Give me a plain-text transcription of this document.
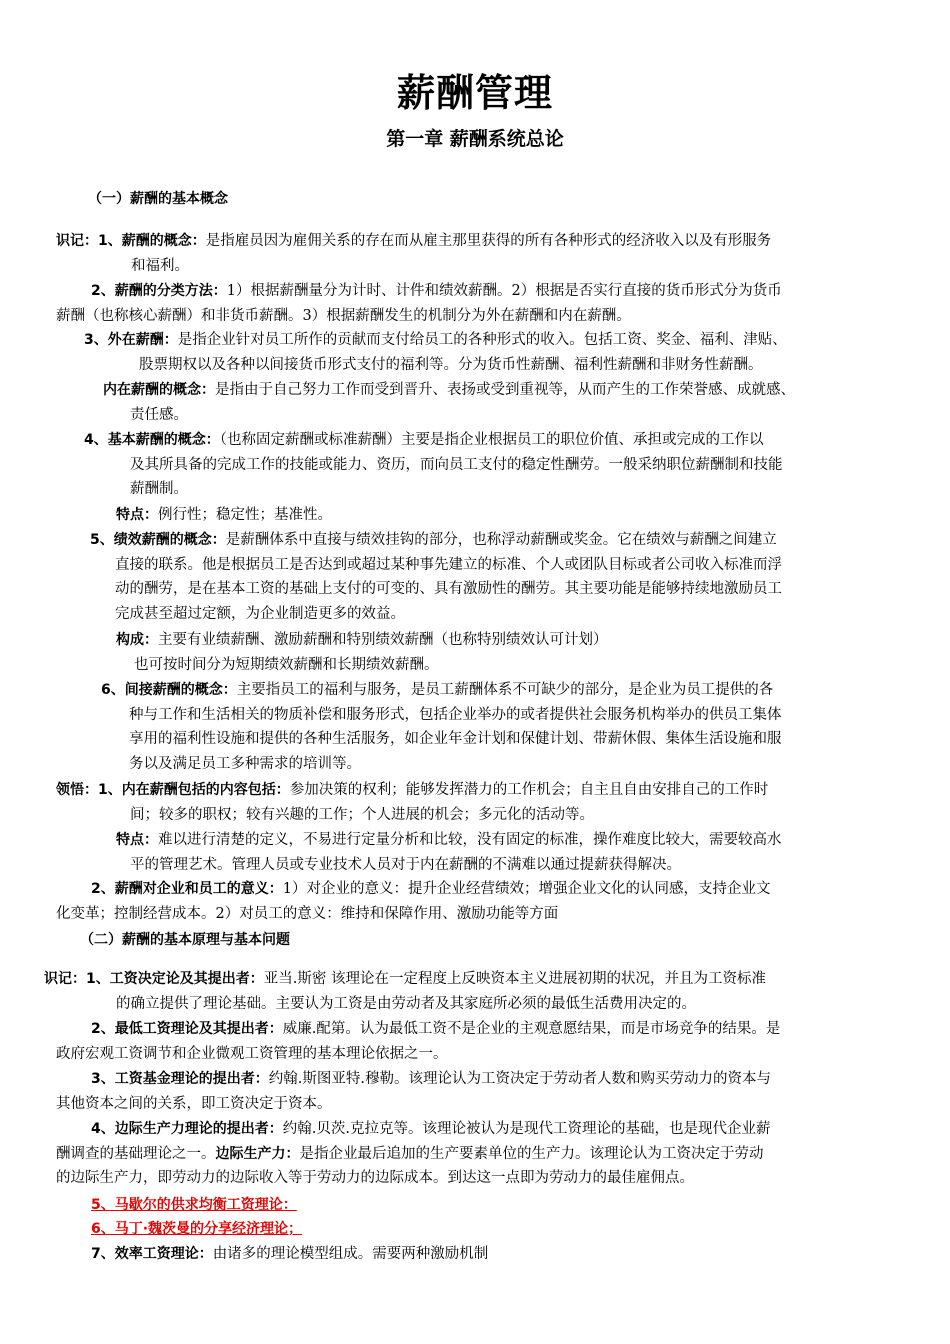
薪酬管理
第一章 薪酬系统总论
（一）薪酬的基本概念
识记：1、薪酬的概念：是指雇员因为雇佣关系的存在而从雇主那里获得的所有各种形式的经济收入以及有形服务
和福利。
2、薪酬的分类方法：1）根据薪酬量分为计时、计件和绩效薪酬。2）根据是否实行直接的货币形式分为货币
薪酬（也称核心薪酬）和非货币薪酬。3）根据薪酬发生的机制分为外在薪酬和内在薪酬。
3、外在薪酬：是指企业针对员工所作的贡献而支付给员工的各种形式的收入。包括工资、奖金、福利、津贴、
股票期权以及各种以间接货币形式支付的福利等。分为货币性薪酬、福利性薪酬和非财务性薪酬。
内在薪酬的概念：是指由于自己努力工作而受到晋升、表扬或受到重视等，从而产生的工作荣誉感、成就感、
责任感。
4、基本薪酬的概念：（也称固定薪酬或标准薪酬）主要是指企业根据员工的职位价值、承担或完成的工作以
及其所具备的完成工作的技能或能力、资历，而向员工支付的稳定性酬劳。一般采纳职位薪酬制和技能
薪酬制。
特点：例行性；稳定性；基准性。
5、绩效薪酬的概念：是薪酬体系中直接与绩效挂钩的部分，也称浮动薪酬或奖金。它在绩效与薪酬之间建立
直接的联系。他是根据员工是否达到或超过某种事先建立的标准、个人或团队目标或者公司收入标准而浮
动的酬劳，是在基本工资的基础上支付的可变的、具有激励性的酬劳。其主要功能是能够持续地激励员工
完成甚至超过定额，为企业制造更多的效益。
构成：主要有业绩薪酬、激励薪酬和特别绩效薪酬（也称特别绩效认可计划）
也可按时间分为短期绩效薪酬和长期绩效薪酬。
6、间接薪酬的概念：主要指员工的福利与服务，是员工薪酬体系不可缺少的部分，是企业为员工提供的各
种与工作和生活相关的物质补偿和服务形式，包括企业举办的或者提供社会服务机构举办的供员工集体
享用的福利性设施和提供的各种生活服务，如企业年金计划和保健计划、带薪休假、集体生活设施和服
务以及满足员工多种需求的培训等。
领悟：1、内在薪酬包括的内容包括：参加决策的权利；能够发挥潜力的工作机会；自主且自由安排自己的工作时
间；较多的职权；较有兴趣的工作；个人进展的机会；多元化的活动等。
特点：难以进行清楚的定义，不易进行定量分析和比较，没有固定的标准，操作难度比较大，需要较高水
平的管理艺术。管理人员或专业技术人员对于内在薪酬的不满难以通过提薪获得解决。
2、薪酬对企业和员工的意义：1）对企业的意义：提升企业经营绩效；增强企业文化的认同感，支持企业文
化变革；控制经营成本。2）对员工的意义：维持和保障作用、激励功能等方面
（二）薪酬的基本原理与基本问题
识记：1、工资决定论及其提出者：亚当.斯密 该理论在一定程度上反映资本主义进展初期的状况，并且为工资标准
的确立提供了理论基础。主要认为工资是由劳动者及其家庭所必须的最低生活费用决定的。
2、最低工资理论及其提出者：威廉.配第。认为最低工资不是企业的主观意愿结果，而是市场竞争的结果。是
政府宏观工资调节和企业微观工资管理的基本理论依据之一。
3、工资基金理论的提出者：约翰.斯图亚特.穆勒。该理论认为工资决定于劳动者人数和购买劳动力的资本与
其他资本之间的关系，即工资决定于资本。
4、边际生产力理论的提出者：约翰.贝茨.克拉克等。该理论被认为是现代工资理论的基础，也是现代企业薪
酬调查的基础理论之一。边际生产力：是指企业最后追加的生产要素单位的生产力。该理论认为工资决定于劳动
的边际生产力，即劳动力的边际收入等于劳动力的边际成本。到达这一点即为劳动力的最佳雇佣点。
5、马歇尔的供求均衡工资理论：
6、马丁·魏茨曼的分享经济理论；
7、效率工资理论：由诸多的理论模型组成。需要两种激励机制
